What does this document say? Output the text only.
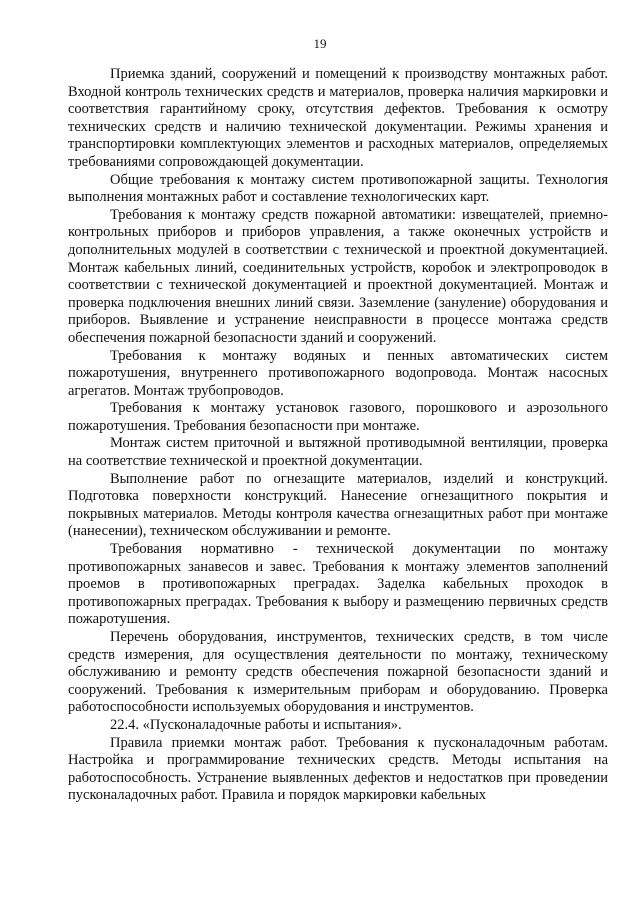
19

Приемка зданий, сооружений и помещений к производству монтажных работ. Входной контроль технических средств и материалов, проверка наличия маркировки и соответствия гарантийному сроку, отсутствия дефектов. Требования к осмотру технических средств и наличию технической документации. Режимы хранения и транспортировки комплектующих элементов и расходных материалов, определяемых требованиями сопровождающей документации.

Общие требования к монтажу систем противопожарной защиты. Технология выполнения монтажных работ и составление технологических карт.

Требования к монтажу средств пожарной автоматики: извещателей, приемно-контрольных приборов и приборов управления, а также оконечных устройств и дополнительных модулей в соответствии с технической и проектной документацией. Монтаж кабельных линий, соединительных устройств, коробок и электропроводок в соответствии с технической документацией и проектной документацией. Монтаж и проверка подключения внешних линий связи. Заземление (зануление) оборудования и приборов. Выявление и устранение неисправности в процессе монтажа средств обеспечения пожарной безопасности зданий и сооружений.

Требования к монтажу водяных и пенных автоматических систем пожаротушения, внутреннего противопожарного водопровода. Монтаж насосных агрегатов. Монтаж трубопроводов.

Требования к монтажу установок газового, порошкового и аэрозольного пожаротушения. Требования безопасности при монтаже.

Монтаж систем приточной и вытяжной противодымной вентиляции, проверка на соответствие технической и проектной документации.

Выполнение работ по огнезащите материалов, изделий и конструкций. Подготовка поверхности конструкций. Нанесение огнезащитного покрытия и покрывных материалов. Методы контроля качества огнезащитных работ при монтаже (нанесении), техническом обслуживании и ремонте.

Требования нормативно - технической документации по монтажу противопожарных занавесов и завес. Требования к монтажу элементов заполнений проемов в противопожарных преградах. Заделка кабельных проходок в противопожарных преградах. Требования к выбору и размещению первичных средств пожаротушения.

Перечень оборудования, инструментов, технических средств, в том числе средств измерения, для осуществления деятельности по монтажу, техническому обслуживанию и ремонту средств обеспечения пожарной безопасности зданий и сооружений. Требования к измерительным приборам и оборудованию. Проверка работоспособности используемых оборудования и инструментов.

22.4. «Пусконаладочные работы и испытания».

Правила приемки монтаж работ. Требования к пусконаладочным работам. Настройка и программирование технических средств. Методы испытания на работоспособность. Устранение выявленных дефектов и недостатков при проведении пусконаладочных работ. Правила и порядок маркировки кабельных
